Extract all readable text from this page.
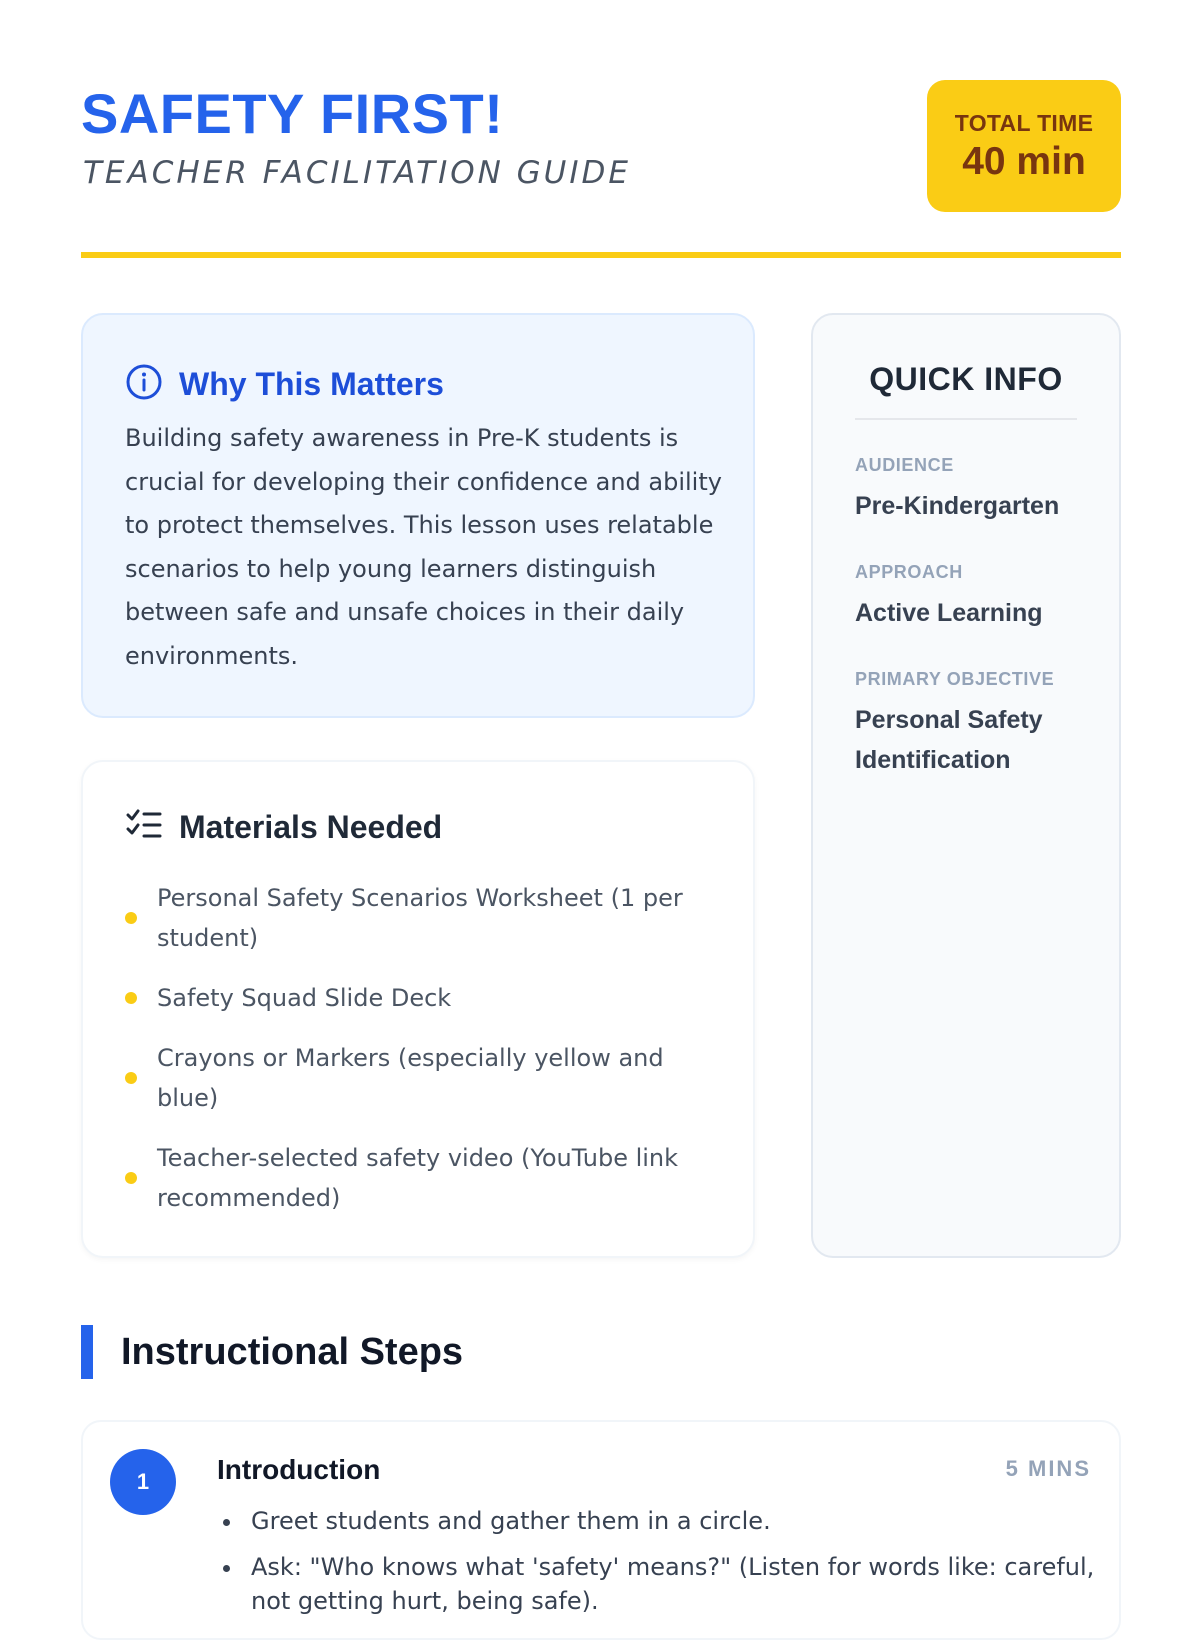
SAFETY FIRST!
TEACHER FACILITATION GUIDE
TOTAL TIME
40 min
Why This Matters

Building safety awareness in Pre-K students is crucial for developing their confidence and ability to protect themselves. This lesson uses relatable scenarios to help young learners distinguish between safe and unsafe choices in their daily environments.

Materials Needed
Personal Safety Scenarios Worksheet (1 per student)
Safety Squad Slide Deck
Crayons or Markers (especially yellow and blue)
Teacher-selected safety video (YouTube link recommended)
QUICK INFO
AUDIENCE
Pre-Kindergarten
APPROACH
Active Learning
PRIMARY OBJECTIVE
Personal Safety Identification
Instructional Steps
1	Introduction	5 MINS
Greet students and gather them in a circle.
Ask: "Who knows what 'safety' means?" (Listen for words like: careful, not getting hurt, being safe).
